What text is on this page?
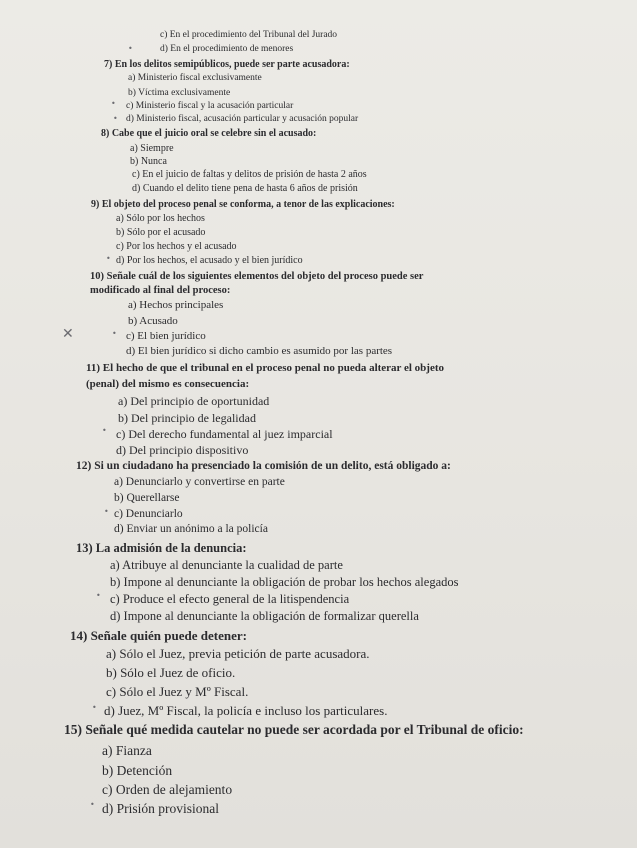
c) En el procedimiento del Tribunal del Jurado
d) En el procedimiento de menores
7) En los delitos semipúblicos, puede ser parte acusadora:
a) Ministerio fiscal exclusivamente
b) Víctima exclusivamente
c) Ministerio fiscal y la acusación particular
d) Ministerio fiscal, acusación particular y acusación popular
8) Cabe que el juicio oral se celebre sin el acusado:
a) Siempre
b) Nunca
c) En el juicio de faltas y delitos de prisión de hasta 2 años
d) Cuando el delito tiene pena de hasta 6 años de prisión
9) El objeto del proceso penal se conforma, a tenor de las explicaciones:
a) Sólo por los hechos
b) Sólo por el acusado
c) Por los hechos y el acusado
d) Por los hechos, el acusado y el bien jurídico
10) Señale cuál de los siguientes elementos del objeto del proceso puede ser
modificado al final del proceso:
a) Hechos principales
b) Acusado
c) El bien jurídico
d) El bien jurídico si dicho cambio es asumido por las partes
11) El hecho de que el tribunal en el proceso penal no pueda alterar el objeto
(penal) del mismo es consecuencia:
a) Del principio de oportunidad
b) Del principio de legalidad
c) Del derecho fundamental al juez imparcial
d) Del principio dispositivo
12) Si un ciudadano ha presenciado la comisión de un delito, está obligado a:
a) Denunciarlo y convertirse en parte
b) Querellarse
c) Denunciarlo
d) Enviar un anónimo a la policía
13) La admisión de la denuncia:
a) Atribuye al denunciante la cualidad de parte
b) Impone al denunciante la obligación de probar los hechos alegados
c) Produce el efecto general de la litispendencia
d) Impone al denunciante la obligación de formalizar querella
14) Señale quién puede detener:
a) Sólo el Juez, previa petición de parte acusadora.
b) Sólo el Juez de oficio.
c) Sólo el Juez y Mº Fiscal.
d) Juez, Mº Fiscal, la policía e incluso los particulares.
15) Señale qué medida cautelar no puede ser acordada por el Tribunal de oficio:
a) Fianza
b) Detención
c) Orden de alejamiento
d) Prisión provisional
•
•
•
✕
•
•
•
•
•
•
•
